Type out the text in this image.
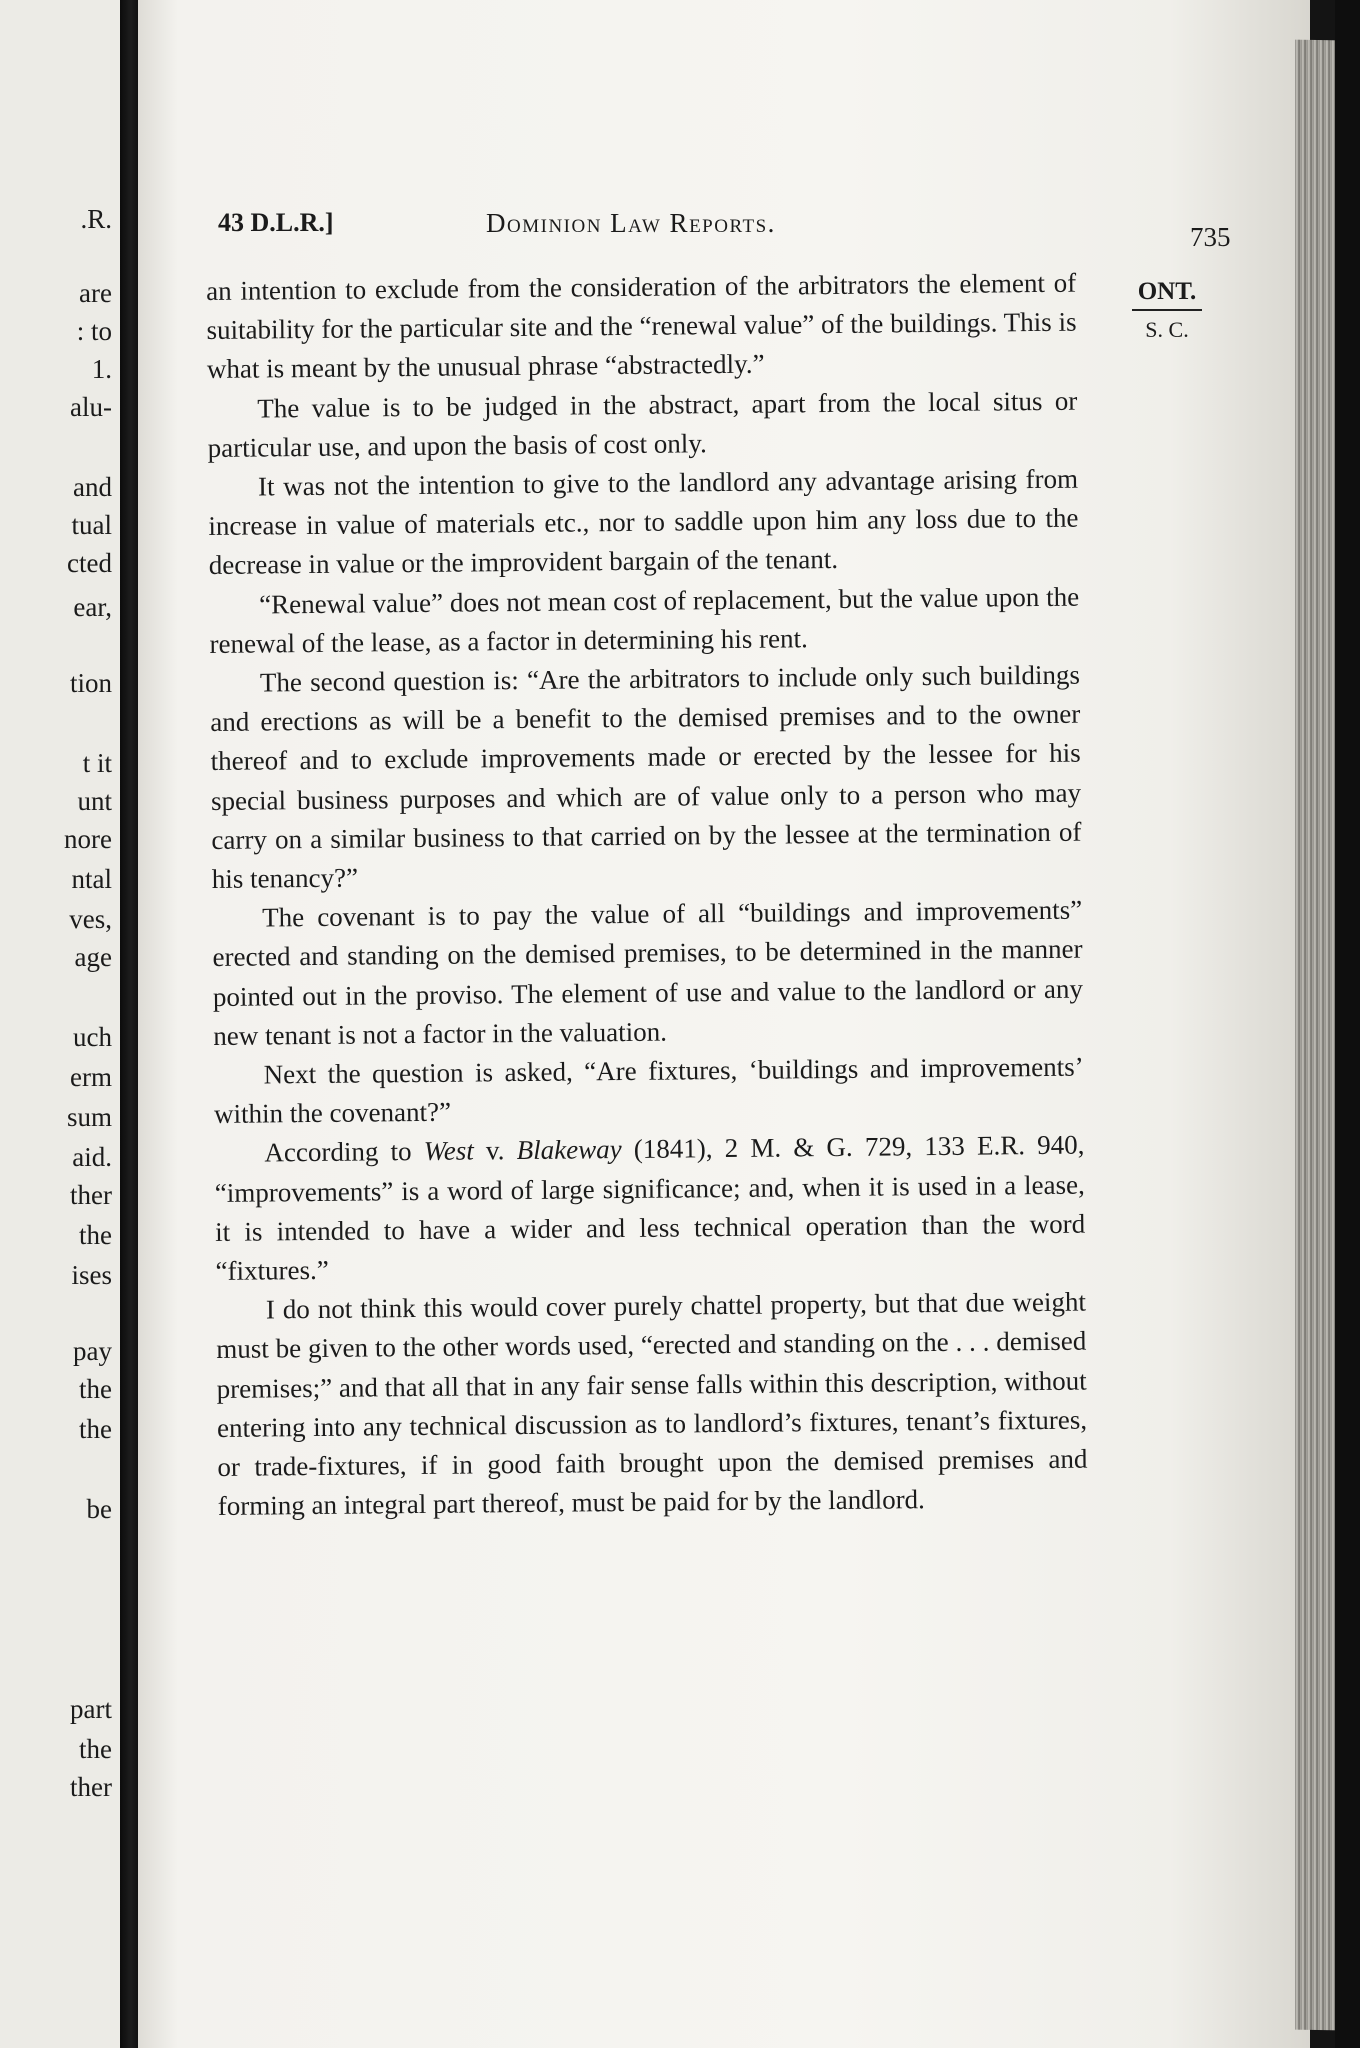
.R.
are
: to
1.
alu-
and
tual
cted
ear,
tion
t it
unt
nore
ntal
ves,
age
uch
erm
sum
aid.
ther
the
ises
pay
the
the
be
part
the
ther
43 D.L.R.]	Dominion Law Reports.	735
ONT.
S. C.

an intention to exclude from the consideration of the arbitrators the element of suitability for the particular site and the “renewal value” of the buildings. This is what is meant by the unusual phrase “abstractedly.”

The value is to be judged in the abstract, apart from the local situs or particular use, and upon the basis of cost only.

It was not the intention to give to the landlord any advantage arising from increase in value of materials etc., nor to saddle upon him any loss due to the decrease in value or the improvident bargain of the tenant.

“Renewal value” does not mean cost of replacement, but the value upon the renewal of the lease, as a factor in determining his rent.

The second question is: “Are the arbitrators to include only such buildings and erections as will be a benefit to the demised premises and to the owner thereof and to exclude improvements made or erected by the lessee for his special business purposes and which are of value only to a person who may carry on a similar business to that carried on by the lessee at the termination of his tenancy?”

The covenant is to pay the value of all “buildings and improvements” erected and standing on the demised premises, to be determined in the manner pointed out in the proviso. The element of use and value to the landlord or any new tenant is not a factor in the valuation.

Next the question is asked, “Are fixtures, ‘buildings and improvements’ within the covenant?”

According to West v. Blakeway (1841), 2 M. & G. 729, 133 E.R. 940, “improvements” is a word of large significance; and, when it is used in a lease, it is intended to have a wider and less technical operation than the word “fixtures.”

I do not think this would cover purely chattel property, but that due weight must be given to the other words used, “erected and standing on the . . . demised premises;” and that all that in any fair sense falls within this description, without entering into any technical discussion as to landlord’s fixtures, tenant’s fixtures, or trade-fixtures, if in good faith brought upon the demised premises and forming an integral part thereof, must be paid for by the landlord.
